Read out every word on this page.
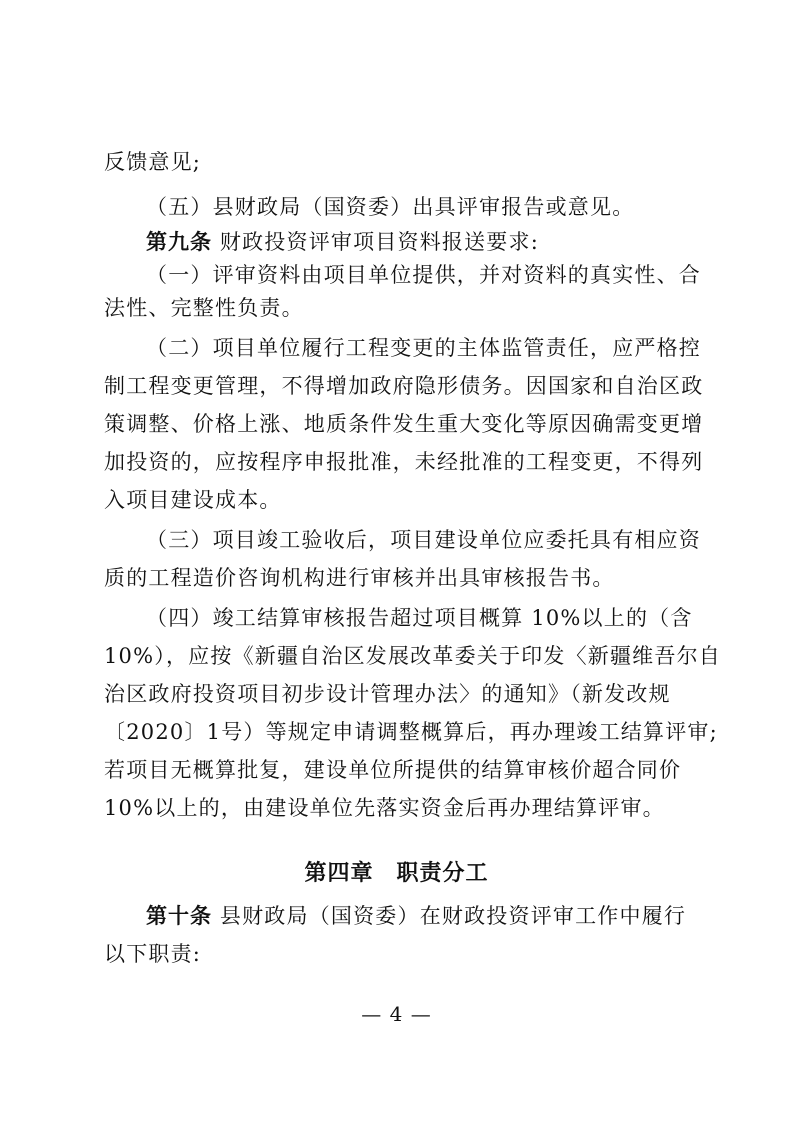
反馈意见;
（五）县财政局（国资委）出具评审报告或意见。
第九条 财政投资评审项目资料报送要求:
（一）评审资料由项目单位提供，并对资料的真实性、合
法性、完整性负责。
（二）项目单位履行工程变更的主体监管责任，应严格控
制工程变更管理，不得增加政府隐形债务。因国家和自治区政
策调整、价格上涨、地质条件发生重大变化等原因确需变更增
加投资的，应按程序申报批准，未经批准的工程变更，不得列
入项目建设成本。
（三）项目竣工验收后，项目建设单位应委托具有相应资
质的工程造价咨询机构进行审核并出具审核报告书。
（四）竣工结算审核报告超过项目概算 10%以上的（含
10%），应按《新疆自治区发展改革委关于印发〈新疆维吾尔自
治区政府投资项目初步设计管理办法〉的通知》（新发改规
〔2020〕1号）等规定申请调整概算后，再办理竣工结算评审;
若项目无概算批复，建设单位所提供的结算审核价超合同价
10%以上的，由建设单位先落实资金后再办理结算评审。
第四章　职责分工
第十条 县财政局（国资委）在财政投资评审工作中履行
以下职责:
— 4 —
